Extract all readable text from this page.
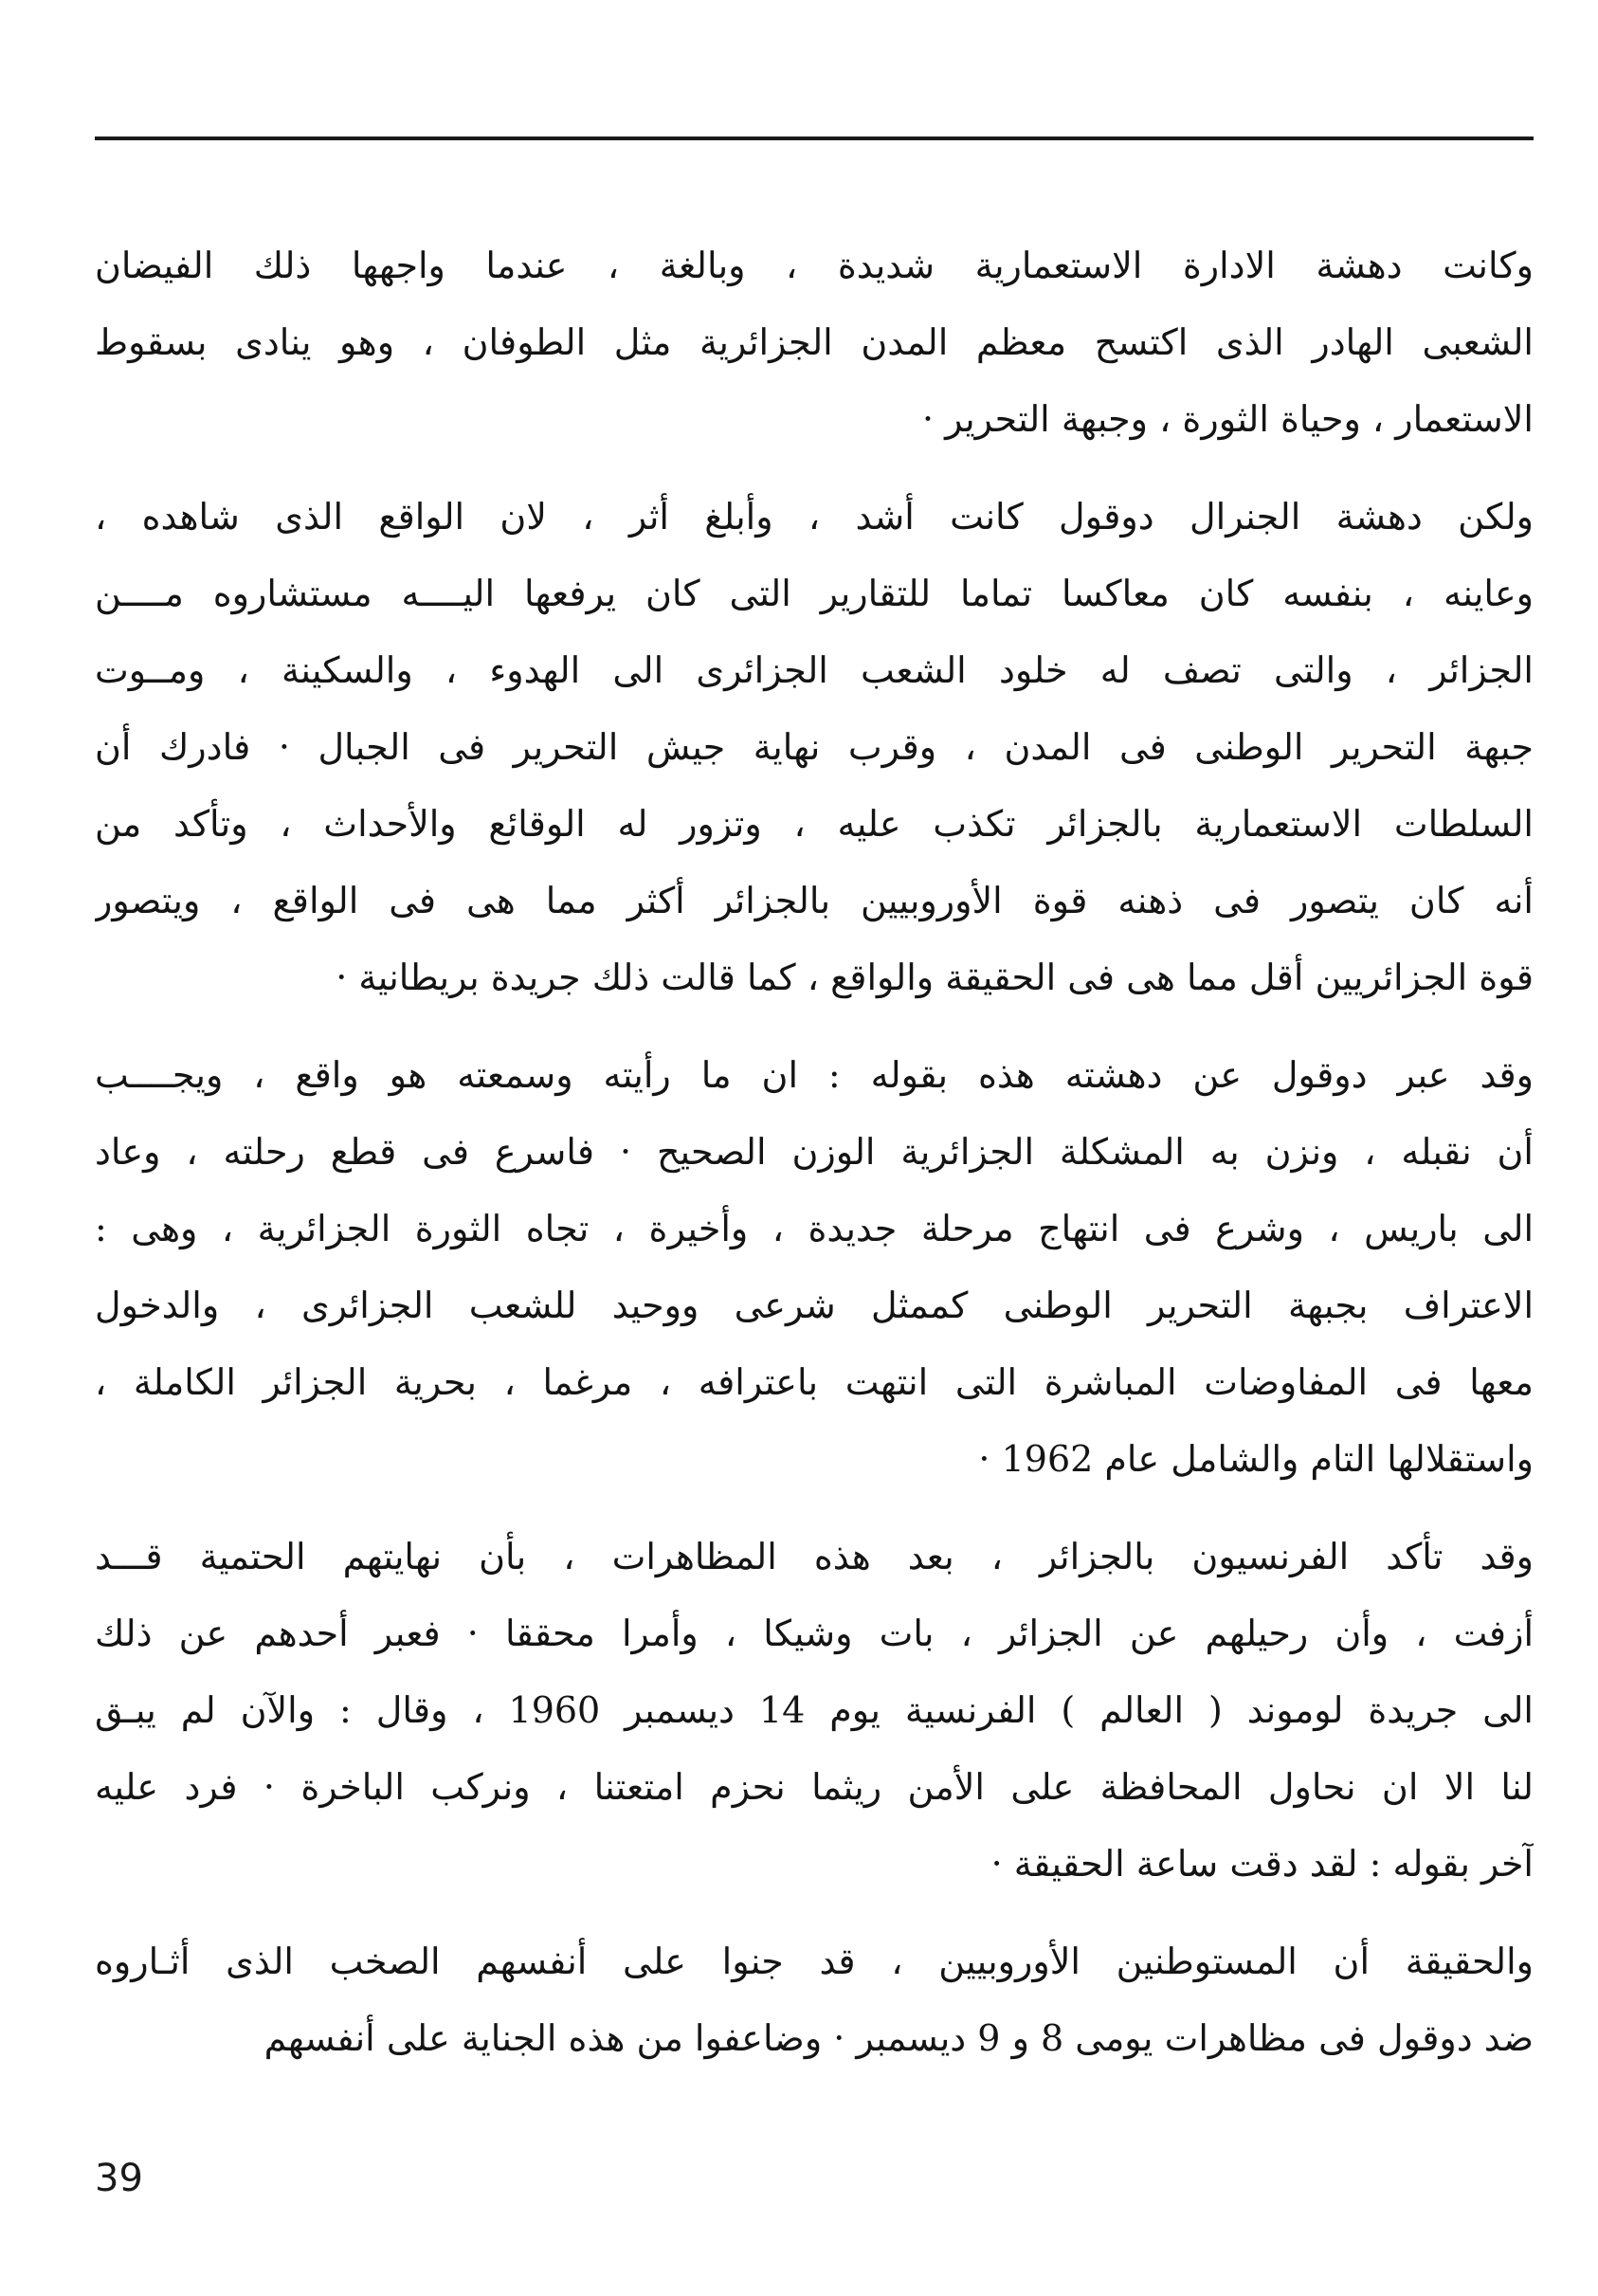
وكانت دهشة الادارة الاستعمارية شديدة ، وبالغة ، عندما واجهها ذلك الفيضان
الشعبى الهادر الذى اكتسح معظم المدن الجزائرية مثل الطوفان ، وهو ينادى بسقوط
الاستعمار ، وحياة الثورة ، وجبهة التحرير ·
ولكن دهشة الجنرال دوقول كانت أشد ، وأبلغ أثر ، لان الواقع الذى شاهده ،
وعاينه ، بنفسه كان معاكسا تماما للتقارير التى كان يرفعها اليــــه مستشاروه مــــن
الجزائر ، والتى تصف له خلود الشعب الجزائرى الى الهدوء ، والسكينة ، ومــوت
جبهة التحرير الوطنى فى المدن ، وقرب نهاية جيش التحرير فى الجبال · فادرك أن
السلطات الاستعمارية بالجزائر تكذب عليه ، وتزور له الوقائع والأحداث ، وتأكد من
أنه كان يتصور فى ذهنه قوة الأوروبيين بالجزائر أكثر مما هى فى الواقع ، ويتصور
قوة الجزائريين أقل مما هى فى الحقيقة والواقع ، كما قالت ذلك جريدة بريطانية ·
وقد عبر دوقول عن دهشته هذه بقوله : ان ما رأيته وسمعته هو واقع ، ويجــــب
أن نقبله ، ونزن به المشكلة الجزائرية الوزن الصحيح · فاسرع فى قطع رحلته ، وعاد
الى باريس ، وشرع فى انتهاج مرحلة جديدة ، وأخيرة ، تجاه الثورة الجزائرية ، وهى :
الاعتراف بجبهة التحرير الوطنى كممثل شرعى ووحيد للشعب الجزائرى ، والدخول
معها فى المفاوضات المباشرة التى انتهت باعترافه ، مرغما ، بحرية الجزائر الكاملة ،
واستقلالها التام والشامل عام 1962 ·
وقد تأكد الفرنسيون بالجزائر ، بعد هذه المظاهرات ، بأن نهايتهم الحتمية قـــد
أزفت ، وأن رحيلهم عن الجزائر ، بات وشيكا ، وأمرا محققا · فعبر أحدهم عن ذلك
الى جريدة لوموند ( العالم ) الفرنسية يوم 14 ديسمبر 1960 ، وقال : والآن لم يبـق
لنا الا ان نحاول المحافظة على الأمن ريثما نحزم امتعتنا ، ونركب الباخرة · فرد عليه
آخر بقوله : لقد دقت ساعة الحقيقة ·
والحقيقة أن المستوطنين الأوروبيين ، قد جنوا على أنفسهم الصخب الذى أثـاروه
ضد دوقول فى مظاهرات يومى 8 و 9 ديسمبر · وضاعفوا من هذه الجناية على أنفسهم
39
